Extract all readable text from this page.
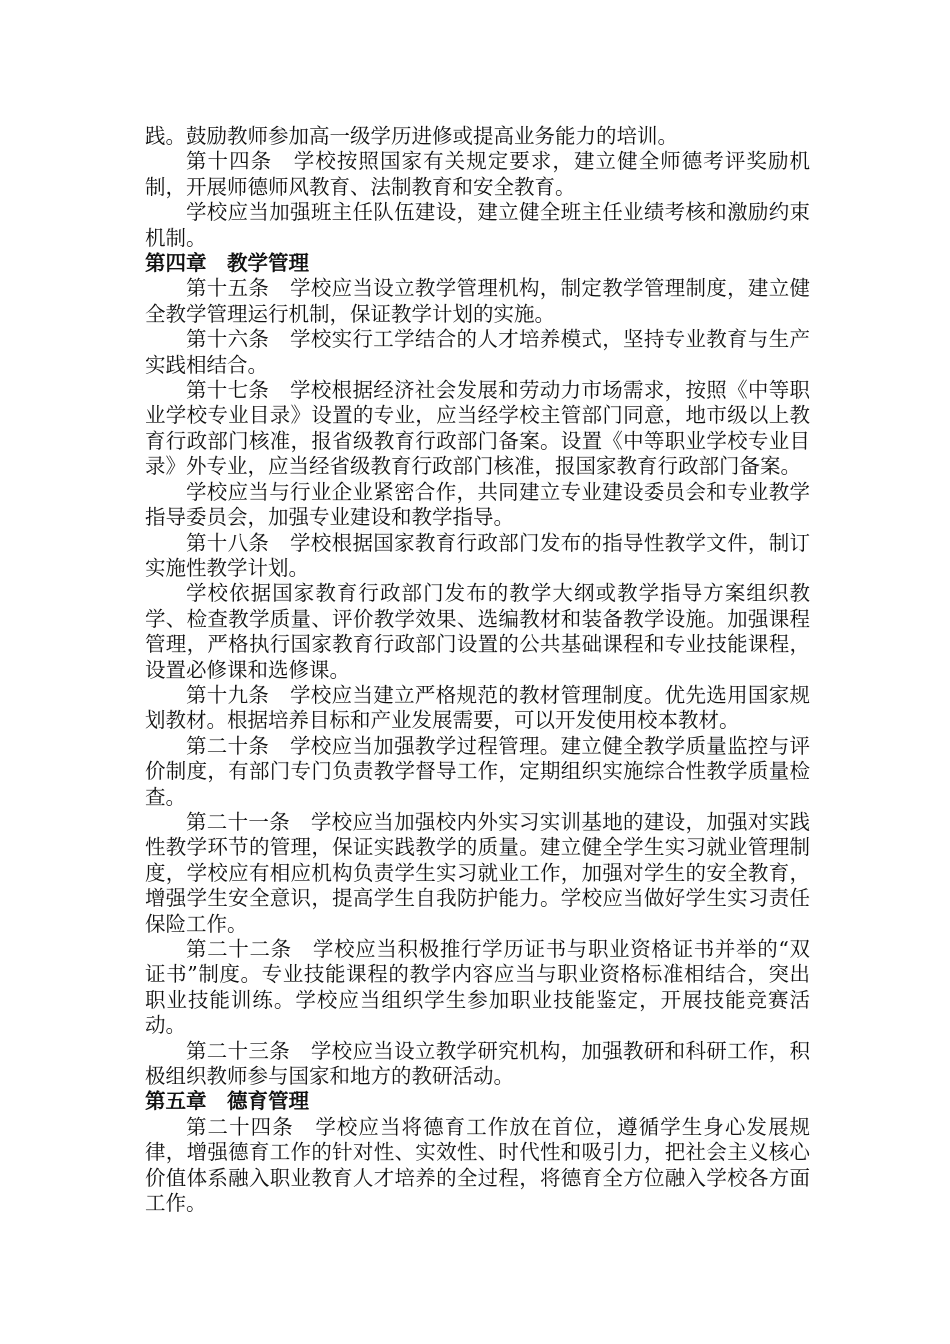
践。鼓励教师参加高一级学历进修或提高业务能力的培训。

第十四条　学校按照国家有关规定要求，建立健全师德考评奖励机制，开展师德师风教育、法制教育和安全教育。

学校应当加强班主任队伍建设，建立健全班主任业绩考核和激励约束机制。

第四章 教学管理

第十五条　学校应当设立教学管理机构，制定教学管理制度，建立健全教学管理运行机制，保证教学计划的实施。

第十六条　学校实行工学结合的人才培养模式，坚持专业教育与生产实践相结合。

第十七条　学校根据经济社会发展和劳动力市场需求，按照《中等职业学校专业目录》设置的专业，应当经学校主管部门同意，地市级以上教育行政部门核准，报省级教育行政部门备案。设置《中等职业学校专业目录》外专业，应当经省级教育行政部门核准，报国家教育行政部门备案。

学校应当与行业企业紧密合作，共同建立专业建设委员会和专业教学指导委员会，加强专业建设和教学指导。

第十八条　学校根据国家教育行政部门发布的指导性教学文件，制订实施性教学计划。

学校依据国家教育行政部门发布的教学大纲或教学指导方案组织教学、检查教学质量、评价教学效果、选编教材和装备教学设施。加强课程管理，严格执行国家教育行政部门设置的公共基础课程和专业技能课程，设置必修课和选修课。

第十九条　学校应当建立严格规范的教材管理制度。优先选用国家规划教材。根据培养目标和产业发展需要，可以开发使用校本教材。

第二十条　学校应当加强教学过程管理。建立健全教学质量监控与评价制度，有部门专门负责教学督导工作，定期组织实施综合性教学质量检查。

第二十一条　学校应当加强校内外实习实训基地的建设，加强对实践性教学环节的管理，保证实践教学的质量。建立健全学生实习就业管理制度，学校应有相应机构负责学生实习就业工作，加强对学生的安全教育，增强学生安全意识，提高学生自我防护能力。学校应当做好学生实习责任保险工作。

第二十二条　学校应当积极推行学历证书与职业资格证书并举的“双证书”制度。专业技能课程的教学内容应当与职业资格标准相结合，突出职业技能训练。学校应当组织学生参加职业技能鉴定，开展技能竞赛活动。

第二十三条　学校应当设立教学研究机构，加强教研和科研工作，积极组织教师参与国家和地方的教研活动。

第五章 德育管理

第二十四条　学校应当将德育工作放在首位，遵循学生身心发展规律，增强德育工作的针对性、实效性、时代性和吸引力，把社会主义核心价值体系融入职业教育人才培养的全过程，将德育全方位融入学校各方面工作。
